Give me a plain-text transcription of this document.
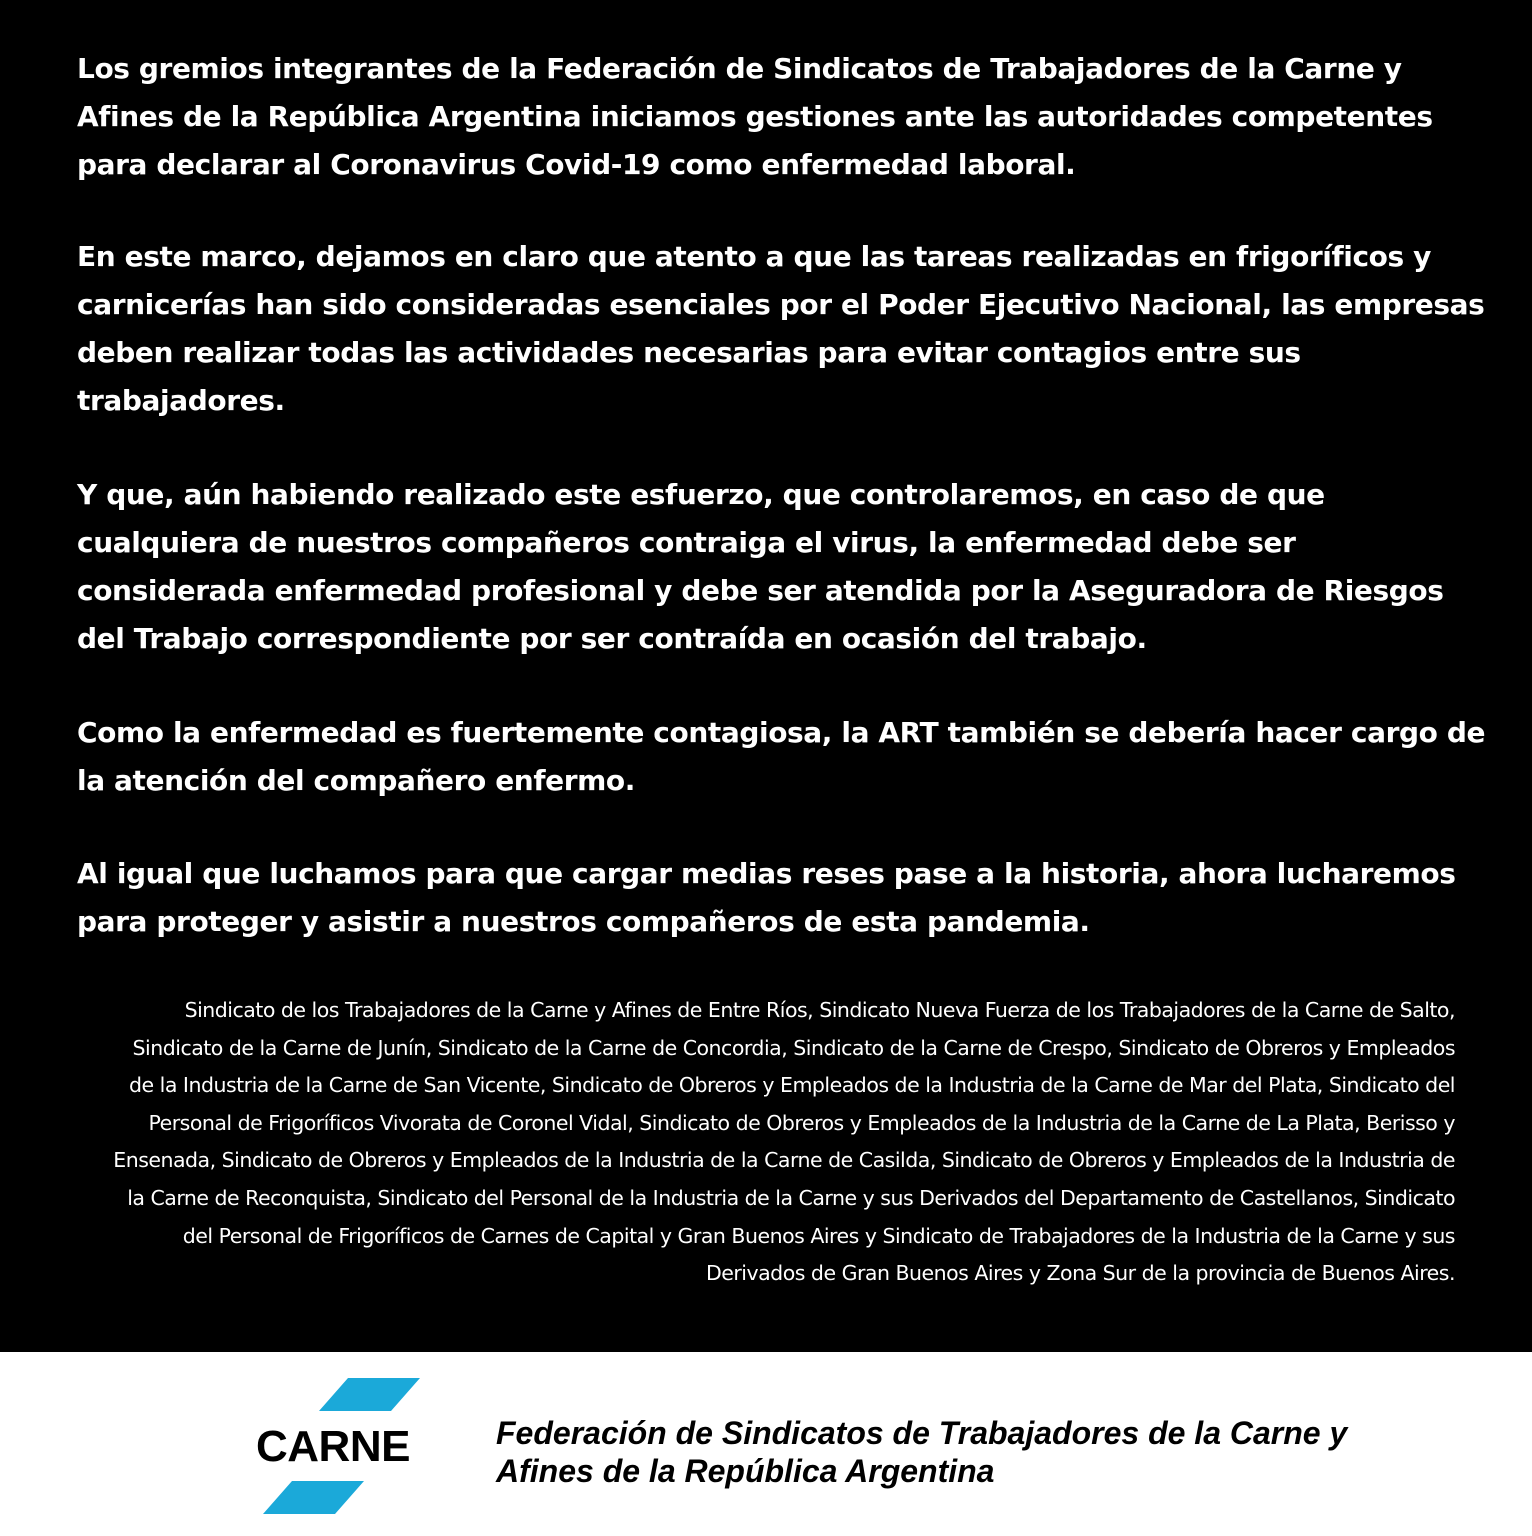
Los gremios integrantes de la Federación de Sindicatos de Trabajadores de la Carne y Afines de la República Argentina iniciamos gestiones ante las autoridades competentes para declarar al Coronavirus Covid-19 como enfermedad laboral.

En este marco, dejamos en claro que atento a que las tareas realizadas en frigoríficos y carnicerías han sido consideradas esenciales por el Poder Ejecutivo Nacional, las empresas deben realizar todas las actividades necesarias para evitar contagios entre sus trabajadores.

Y que, aún habiendo realizado este esfuerzo, que controlaremos, en caso de que cualquiera de nuestros compañeros contraiga el virus, la enfermedad debe ser considerada enfermedad profesional y debe ser atendida por la Aseguradora de Riesgos del Trabajo correspondiente por ser contraída en ocasión del trabajo.

Como la enfermedad es fuertemente contagiosa, la ART también se debería hacer cargo de la atención del compañero enfermo.

Al igual que luchamos para que cargar medias reses pase a la historia, ahora lucharemos para proteger y asistir a nuestros compañeros de esta pandemia.

Sindicato de los Trabajadores de la Carne y Afines de Entre Ríos, Sindicato Nueva Fuerza de los Trabajadores de la Carne de Salto, Sindicato de la Carne de Junín, Sindicato de la Carne de Concordia, Sindicato de la Carne de Crespo, Sindicato de Obreros y Empleados de la Industria de la Carne de San Vicente, Sindicato de Obreros y Empleados de la Industria de la Carne de Mar del Plata, Sindicato del Personal de Frigoríficos Vivorata de Coronel Vidal, Sindicato de Obreros y Empleados de la Industria de la Carne de La Plata, Berisso y Ensenada, Sindicato de Obreros y Empleados de la Industria de la Carne de Casilda, Sindicato de Obreros y Empleados de la Industria de la Carne de Reconquista, Sindicato del Personal de la Industria de la Carne y sus Derivados del Departamento de Castellanos, Sindicato del Personal de Frigoríficos de Carnes de Capital y Gran Buenos Aires y Sindicato de Trabajadores de la Industria de la Carne y sus Derivados de Gran Buenos Aires y Zona Sur de la provincia de Buenos Aires.

CARNE	Federación de Sindicatos de Trabajadores de la Carne y Afines de la República Argentina
